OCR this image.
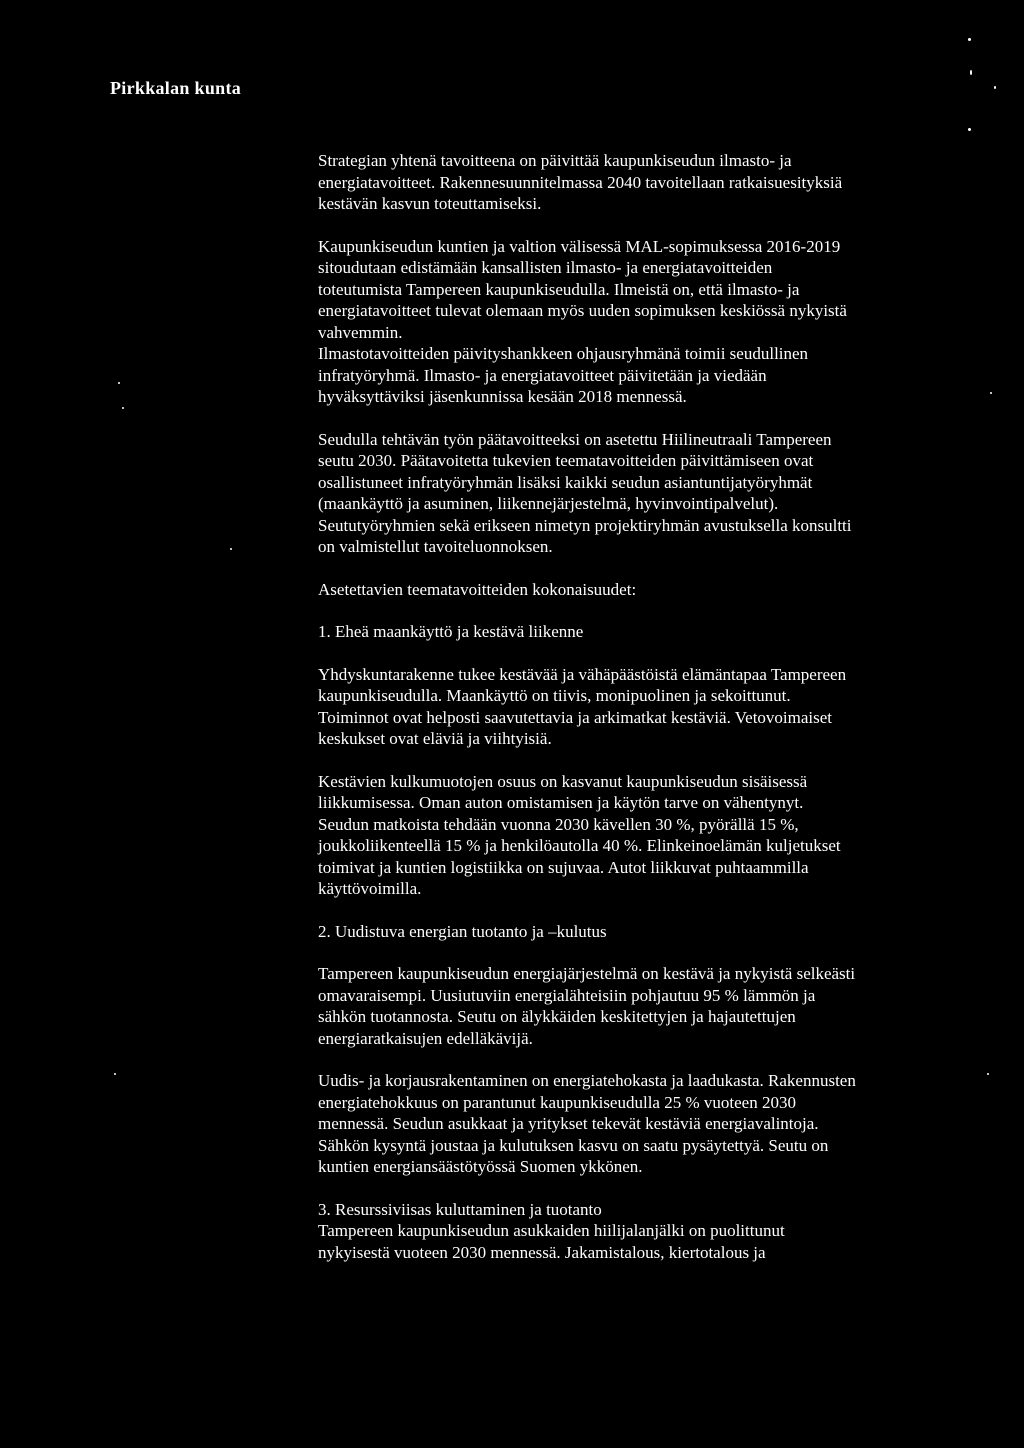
Pirkkalan kunta

Strategian yhtenä tavoitteena on päivittää kaupunkiseudun ilmasto- ja
energiatavoitteet. Rakennesuunnitelmassa 2040 tavoitellaan ratkaisuesityksiä
kestävän kasvun toteuttamiseksi.

Kaupunkiseudun kuntien ja valtion välisessä MAL-sopimuksessa 2016-2019
sitoudutaan edistämään kansallisten ilmasto- ja energiatavoitteiden
toteutumista Tampereen kaupunkiseudulla. Ilmeistä on, että ilmasto- ja
energiatavoitteet tulevat olemaan myös uuden sopimuksen keskiössä nykyistä
vahvemmin.

Ilmastotavoitteiden päivityshankkeen ohjausryhmänä toimii seudullinen
infratyöryhmä. Ilmasto- ja energiatavoitteet päivitetään ja viedään
hyväksyttäviksi jäsenkunnissa kesään 2018 mennessä.

Seudulla tehtävän työn päätavoitteeksi on asetettu Hiilineutraali Tampereen
seutu 2030. Päätavoitetta tukevien teematavoitteiden päivittämiseen ovat
osallistuneet infratyöryhmän lisäksi kaikki seudun asiantuntijatyöryhmät
(maankäyttö ja asuminen, liikennejärjestelmä, hyvinvointipalvelut).
Seututyöryhmien sekä erikseen nimetyn projektiryhmän avustuksella konsultti
on valmistellut tavoiteluonnoksen.

Asetettavien teematavoitteiden kokonaisuudet:

1. Eheä maankäyttö ja kestävä liikenne

Yhdyskuntarakenne tukee kestävää ja vähäpäästöistä elämäntapaa Tampereen
kaupunkiseudulla. Maankäyttö on tiivis, monipuolinen ja sekoittunut.
Toiminnot ovat helposti saavutettavia ja arkimatkat kestäviä. Vetovoimaiset
keskukset ovat eläviä ja viihtyisiä.

Kestävien kulkumuotojen osuus on kasvanut kaupunkiseudun sisäisessä
liikkumisessa. Oman auton omistamisen ja käytön tarve on vähentynyt.
Seudun matkoista tehdään vuonna 2030 kävellen 30 %, pyörällä 15 %,
joukkoliikenteellä 15 % ja henkilöautolla 40 %. Elinkeinoelämän kuljetukset
toimivat ja kuntien logistiikka on sujuvaa. Autot liikkuvat puhtaammilla
käyttövoimilla.

2. Uudistuva energian tuotanto ja –kulutus

Tampereen kaupunkiseudun energiajärjestelmä on kestävä ja nykyistä selkeästi
omavaraisempi. Uusiutuviin energialähteisiin pohjautuu 95 % lämmön ja
sähkön tuotannosta. Seutu on älykkäiden keskitettyjen ja hajautettujen
energiaratkaisujen edelläkävijä.

Uudis- ja korjausrakentaminen on energiatehokasta ja laadukasta. Rakennusten
energiatehokkuus on parantunut kaupunkiseudulla 25 % vuoteen 2030
mennessä. Seudun asukkaat ja yritykset tekevät kestäviä energiavalintoja.
Sähkön kysyntä joustaa ja kulutuksen kasvu on saatu pysäytettyä. Seutu on
kuntien energiansäästötyössä Suomen ykkönen.

3. Resurssiviisas kuluttaminen ja tuotanto

Tampereen kaupunkiseudun asukkaiden hiilijalanjälki on puolittunut
nykyisestä vuoteen 2030 mennessä. Jakamistalous, kiertotalous ja
